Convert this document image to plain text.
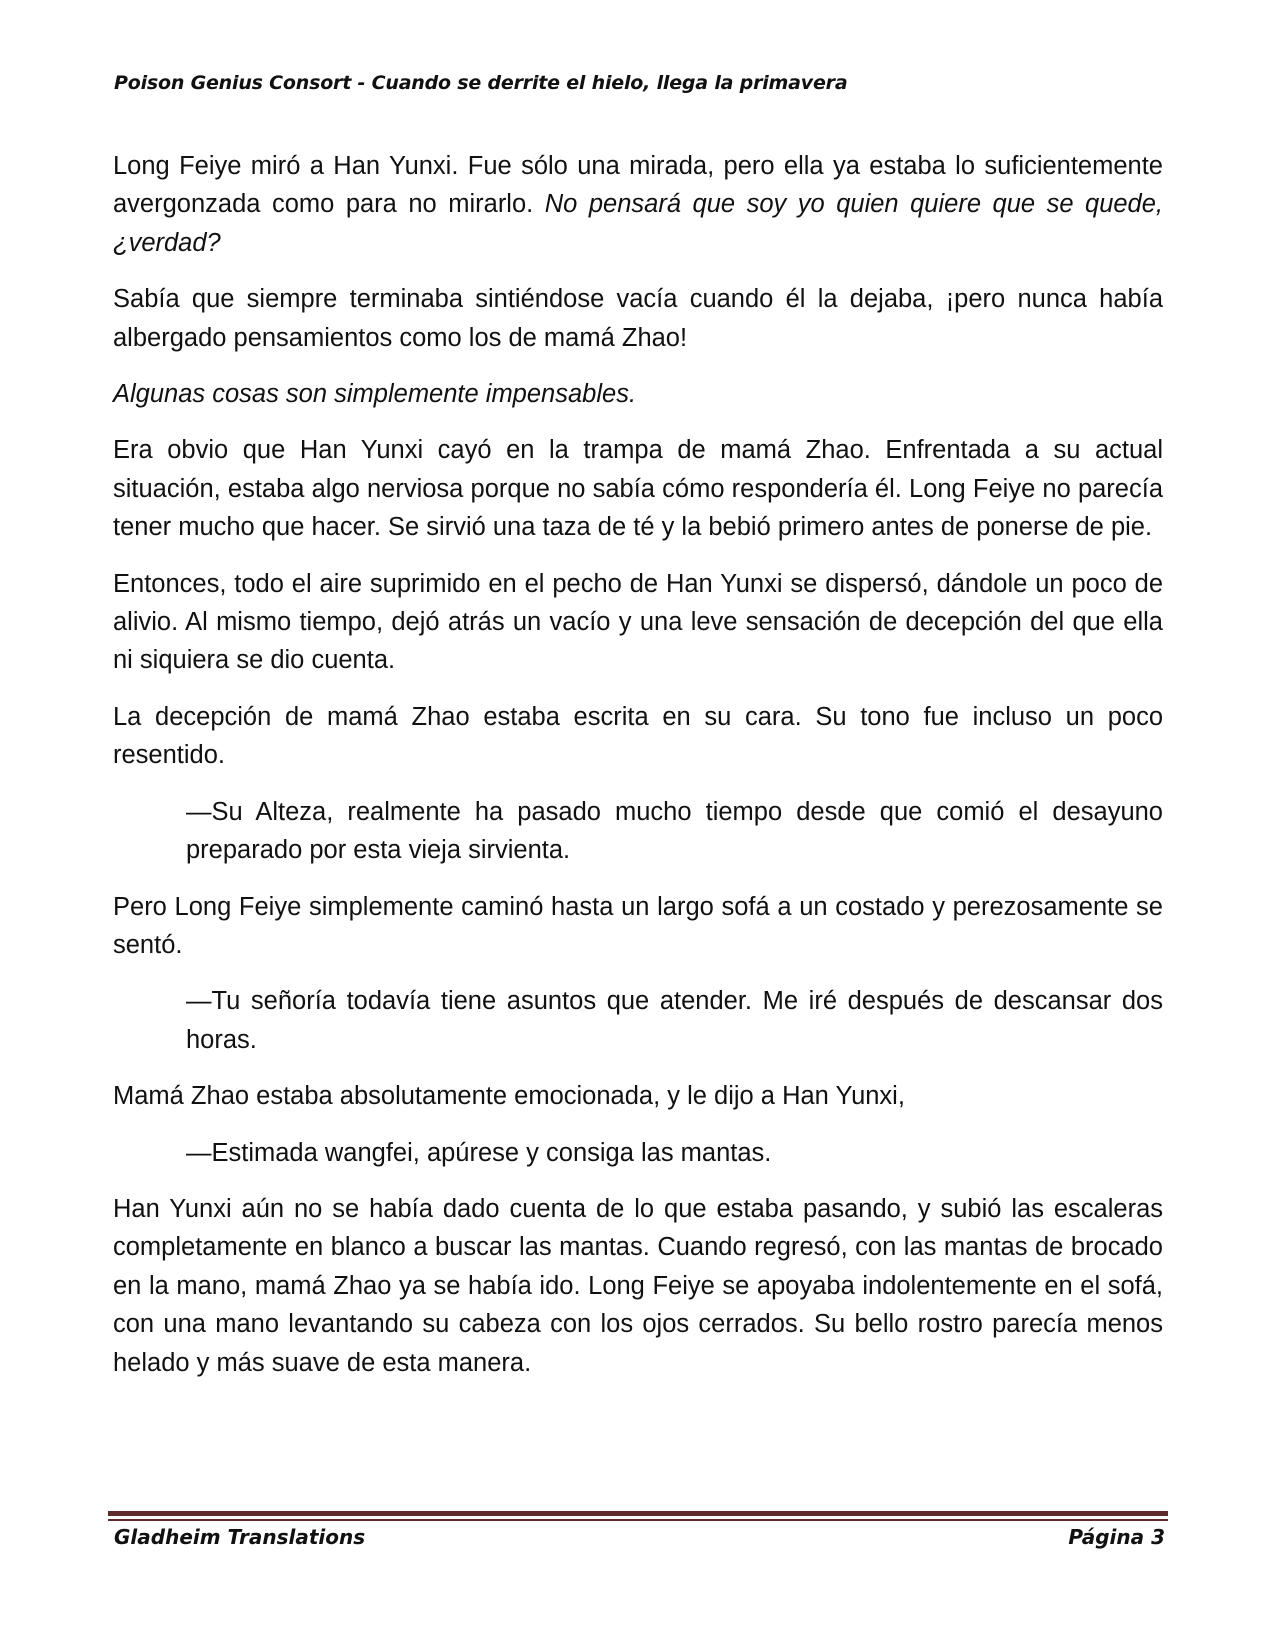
Poison Genius Consort - Cuando se derrite el hielo, llega la primavera

Long Feiye miró a Han Yunxi. Fue sólo una mirada, pero ella ya estaba lo suficientemente avergonzada como para no mirarlo. No pensará que soy yo quien quiere que se quede, ¿verdad?

Sabía que siempre terminaba sintiéndose vacía cuando él la dejaba, ¡pero nunca había albergado pensamientos como los de mamá Zhao!

Algunas cosas son simplemente impensables.

Era obvio que Han Yunxi cayó en la trampa de mamá Zhao. Enfrentada a su actual situación, estaba algo nerviosa porque no sabía cómo respondería él. Long Feiye no parecía tener mucho que hacer. Se sirvió una taza de té y la bebió primero antes de ponerse de pie.

Entonces, todo el aire suprimido en el pecho de Han Yunxi se dispersó, dándole un poco de alivio. Al mismo tiempo, dejó atrás un vacío y una leve sensación de decepción del que ella ni siquiera se dio cuenta.

La decepción de mamá Zhao estaba escrita en su cara. Su tono fue incluso un poco resentido.

—Su Alteza, realmente ha pasado mucho tiempo desde que comió el desayuno preparado por esta vieja sirvienta.

Pero Long Feiye simplemente caminó hasta un largo sofá a un costado y perezosamente se sentó.

—Tu señoría todavía tiene asuntos que atender. Me iré después de descansar dos horas.

Mamá Zhao estaba absolutamente emocionada, y le dijo a Han Yunxi,

—Estimada wangfei, apúrese y consiga las mantas.

Han Yunxi aún no se había dado cuenta de lo que estaba pasando, y subió las escaleras completamente en blanco a buscar las mantas. Cuando regresó, con las mantas de brocado en la mano, mamá Zhao ya se había ido. Long Feiye se apoyaba indolentemente en el sofá, con una mano levantando su cabeza con los ojos cerrados. Su bello rostro parecía menos helado y más suave de esta manera.

Gladheim Translations	Página 3
